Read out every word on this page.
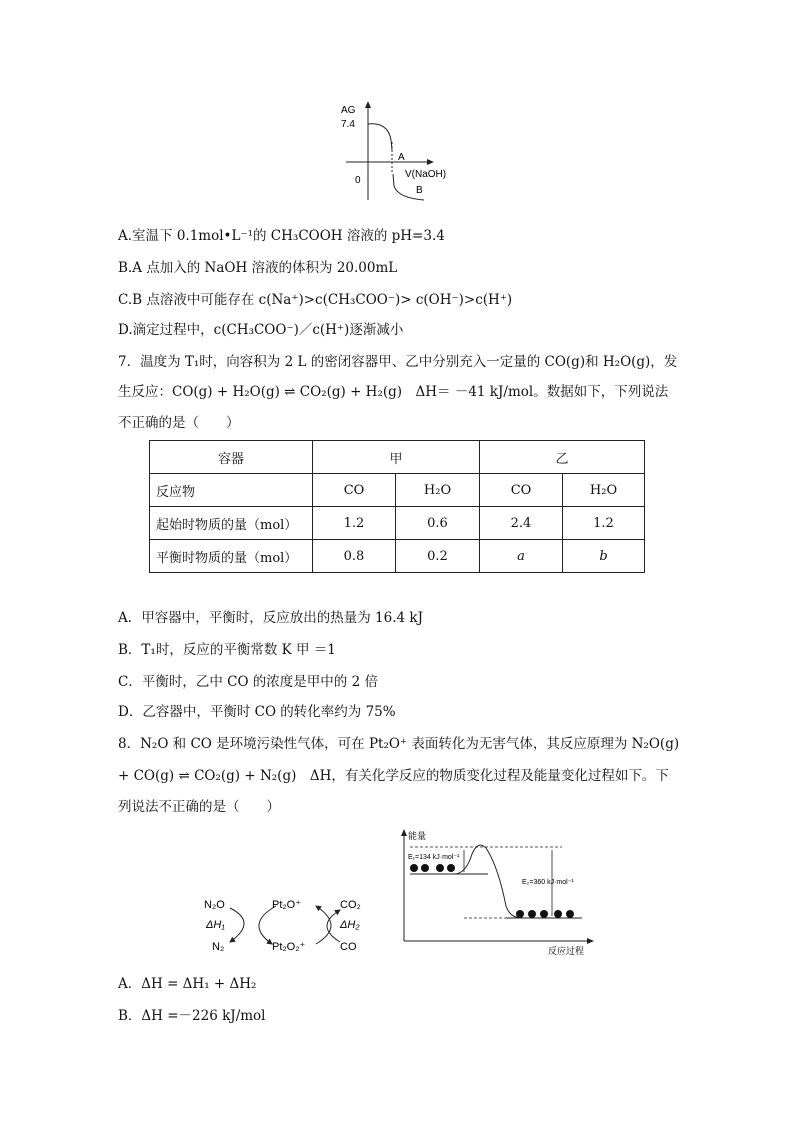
AG
7.4
0
A
V(NaOH)
B
A.室温下 0.1mol•L⁻¹的 CH₃COOH 溶液的 pH=3.4
B.A 点加入的 NaOH 溶液的体积为 20.00mL
C.B 点溶液中可能存在 c(Na⁺)>c(CH₃COO⁻)> c(OH⁻)>c(H⁺)
D.滴定过程中，c(CH₃COO⁻)／c(H⁺)逐渐减小
7．温度为 T₁时，向容积为 2 L 的密闭容器甲、乙中分别充入一定量的 CO(g)和 H₂O(g)，发
生反应：CO(g) + H₂O(g) ⇌ CO₂(g) + H₂(g)　ΔH＝ －41 kJ/mol。数据如下，下列说法
不正确的是（　　）
容器	甲		乙	
反应物	CO	H₂O	CO	H₂O
起始时物质的量（mol）	1.2	0.6	2.4	1.2
平衡时物质的量（mol）	0.8	0.2	a	b
A．甲容器中，平衡时，反应放出的热量为 16.4 kJ
B．T₁时，反应的平衡常数 K 甲 ＝1
C．平衡时，乙中 CO 的浓度是甲中的 2 倍
D．乙容器中，平衡时 CO 的转化率约为 75%
8．N₂O 和 CO 是环境污染性气体，可在 Pt₂O⁺ 表面转化为无害气体，其反应原理为 N₂O(g)
+ CO(g) ⇌ CO₂(g) + N₂(g)　ΔH，有关化学反应的物质变化过程及能量变化过程如下。下
列说法不正确的是（　　）
N₂O	Pt₂O⁺	CO₂
ΔH₁	ΔH₂
N₂	Pt₂O₂⁺	CO
能量
E₁=134 kJ·mol⁻¹
E₂=360 kJ·mol⁻¹
反应过程
A．ΔH = ΔH₁ + ΔH₂
B．ΔH =－226 kJ/mol
